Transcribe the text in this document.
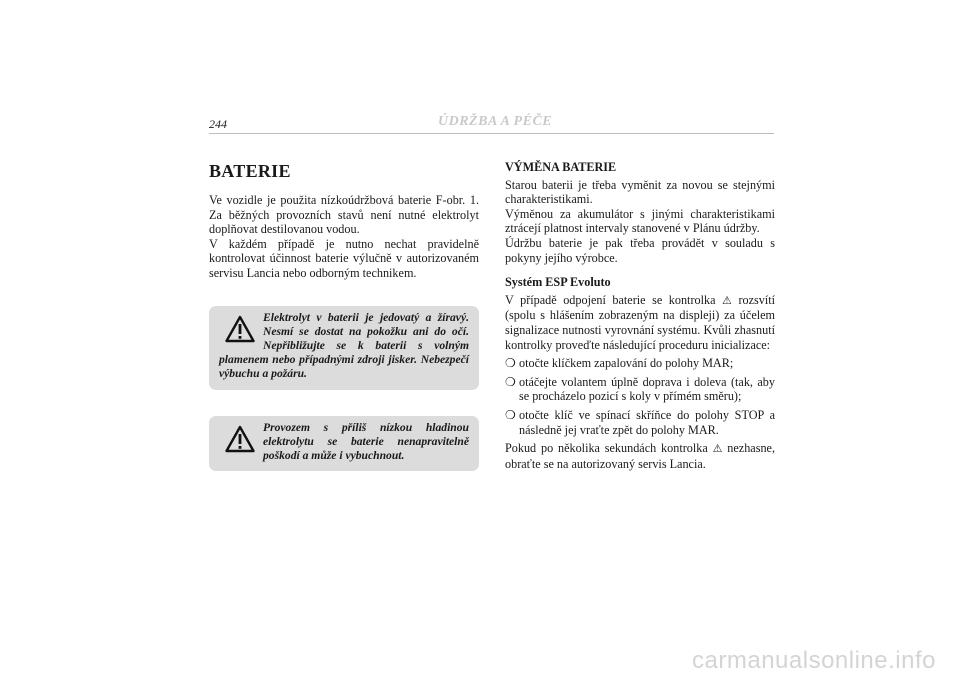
244	ÚDRŽBA A PÉČE
BATERIE

Ve vozidle je použita nízkoúdržbová baterie F-obr. 1. Za běžných provozních stavů není nutné elektrolyt doplňovat destilovanou vodou.

V každém případě je nutno nechat pravidelně kontrolovat účinnost baterie výlučně v autorizovaném servisu Lancia nebo odborným technikem.

Elektrolyt v baterii je jedovatý a žíravý. Nesmí se dostat na pokožku ani do očí. Nepřibližujte se k baterii s volným plamenem nebo případnými zdroji jisker. Nebezpečí výbuchu a požáru.
Provozem s příliš nízkou hladinou elektrolytu se baterie nenapravitelně poškodí a může i vybuchnout.
VÝMĚNA BATERIE

Starou baterii je třeba vyměnit za novou se stejnými charakteristikami.

Výměnou za akumulátor s jinými charakteristikami ztrácejí platnost intervaly stanovené v Plánu údržby.

Údržbu baterie je pak třeba provádět v souladu s pokyny jejího výrobce.

Systém ESP Evoluto

V případě odpojení baterie se kontrolka ⚠ rozsvítí (spolu s hlášením zobrazeným na displeji) za účelem signalizace nutnosti vyrovnání systému. Kvůli zhasnutí kontrolky proveďte následující proceduru inicializace:

❍ otočte klíčkem zapalování do polohy MAR;
❍ otáčejte volantem úplně doprava i doleva (tak, aby se procházelo pozicí s koly v přímém směru);
❍ otočte klíč ve spínací skříňce do polohy STOP a následně jej vraťte zpět do polohy MAR.

Pokud po několika sekundách kontrolka ⚠ nezhasne, obraťte se na autorizovaný servis Lancia.

carmanualsonline.info
